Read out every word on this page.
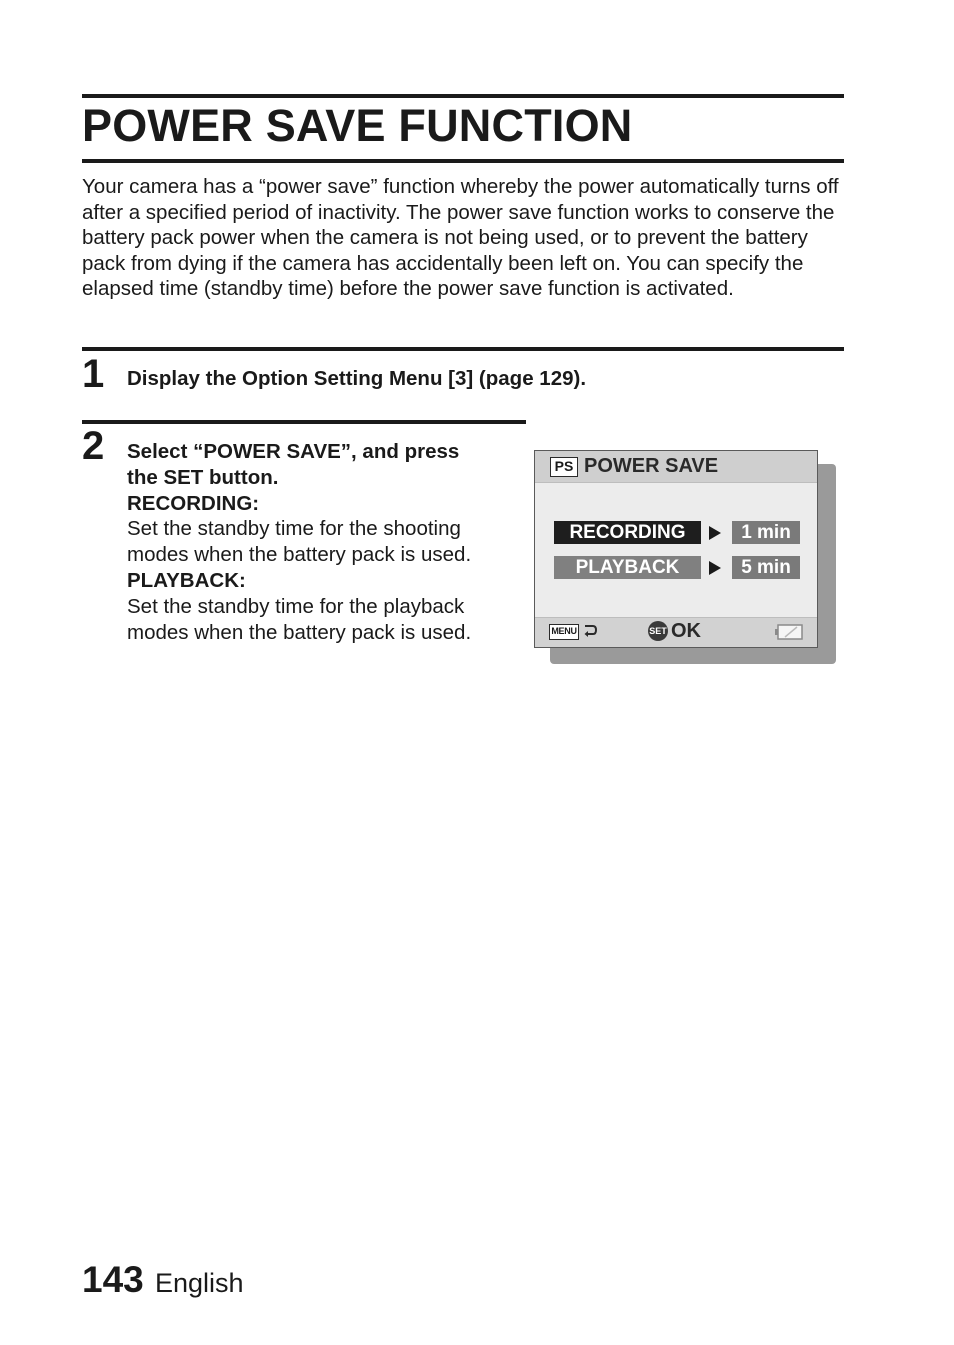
POWER SAVE FUNCTION

Your camera has a “power save” function whereby the power automatically turns off after a specified period of inactivity. The power save function works to conserve the battery pack power when the camera is not being used, or to prevent the battery pack from dying if the camera has accidentally been left on. You can specify the elapsed time (standby time) before the power save function is activated.

1 Display the Option Setting Menu [3] (page 129).
2 Select “POWER SAVE”, and press
the SET button.
RECORDING:
Set the standby time for the shooting modes when the battery pack is used.
PLAYBACK:
Set the standby time for the playback modes when the battery pack is used.
PS POWER SAVE
RECORDING	1 min
PLAYBACK	5 min
MENU	SET OK
143 English
